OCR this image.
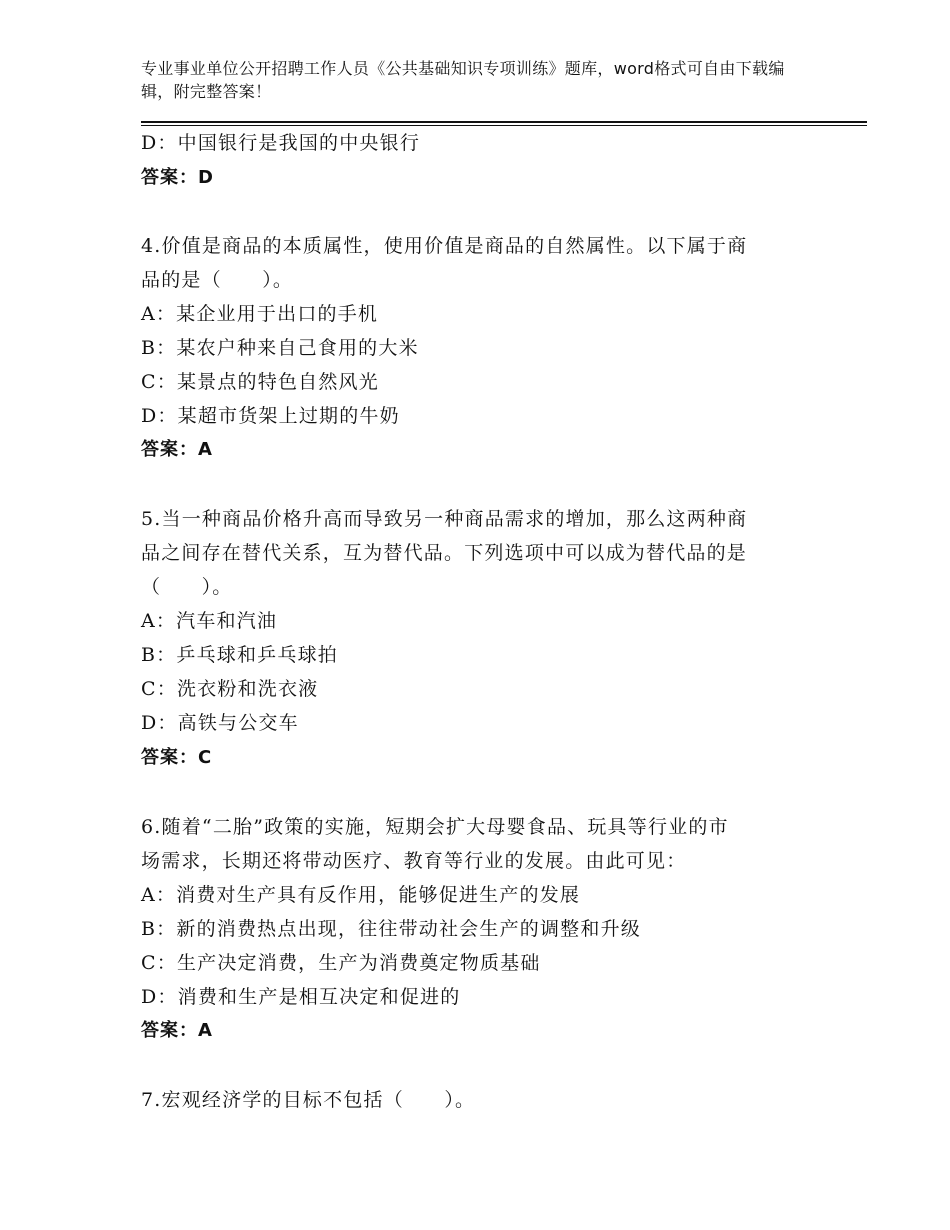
专业事业单位公开招聘工作人员《公共基础知识专项训练》题库，word格式可自由下载编辑，附完整答案！
D：中国银行是我国的中央银行
答案：D
4.价值是商品的本质属性，使用价值是商品的自然属性。以下属于商
品的是（　　）。
A：某企业用于出口的手机
B：某农户种来自己食用的大米
C：某景点的特色自然风光
D：某超市货架上过期的牛奶
答案：A
5.当一种商品价格升高而导致另一种商品需求的增加，那么这两种商
品之间存在替代关系，互为替代品。下列选项中可以成为替代品的是
（　　）。
A：汽车和汽油
B：乒乓球和乒乓球拍
C：洗衣粉和洗衣液
D：高铁与公交车
答案：C
6.随着“二胎”政策的实施，短期会扩大母婴食品、玩具等行业的市
场需求，长期还将带动医疗、教育等行业的发展。由此可见：
A：消费对生产具有反作用，能够促进生产的发展
B：新的消费热点出现，往往带动社会生产的调整和升级
C：生产决定消费，生产为消费奠定物质基础
D：消费和生产是相互决定和促进的
答案：A
7.宏观经济学的目标不包括（　　）。
